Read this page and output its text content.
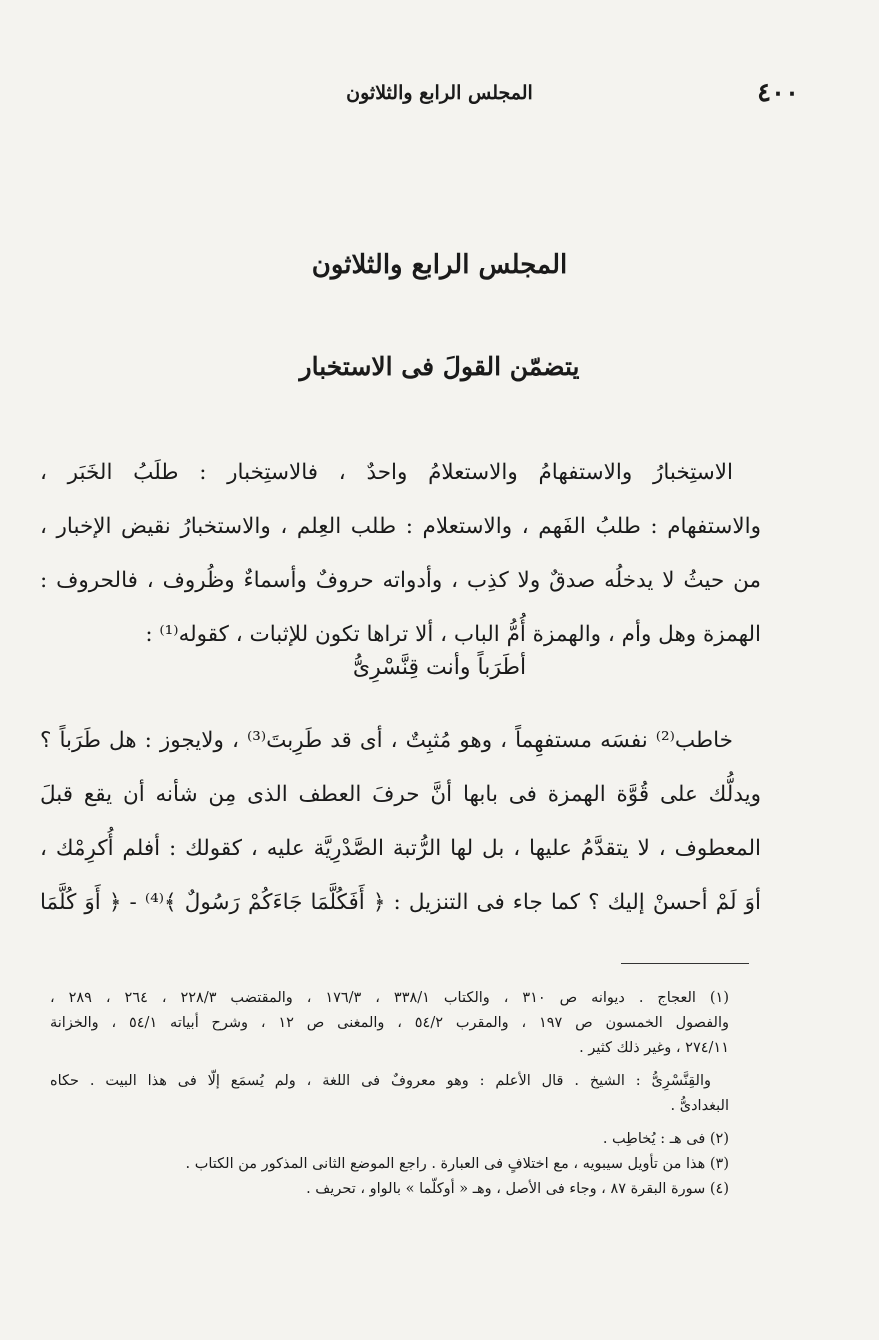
٤٠٠
المجلس الرابع والثلاثون
المجلس الرابع والثلاثون
يتضمّن القولَ فى الاستخبار
الاستِخبارُ والاستفهامُ والاستعلامُ واحدٌ ، فالاستِخبار : طلَبُ الخَبَر ،
والاستفهام : طلبُ الفَهم ، والاستعلام : طلب العِلم ، والاستخبارُ نقيض الإخبار ،
من حيثُ لا يدخلُه صدقٌ ولا كذِب ، وأدواته حروفٌ وأسماءٌ وظُروف ، فالحروف :
الهمزة وهل وأم ، والهمزة أُمُّ الباب ، ألا تراها تكون للإثبات ، كقوله⁽¹⁾ :
أطَرَباً وأنت قِنَّسْرِىُّ
خاطب⁽²⁾ نفسَه مستفهِماً ، وهو مُثبِتٌ ، أى قد طَرِبتَ⁽³⁾ ، ولايجوز : هل طَرَباً ؟
ويدلُّك على قُوَّة الهمزة فى بابها أنَّ حرفَ العطف الذى مِن شأنه أن يقع قبلَ
المعطوف ، لا يتقدَّمُ عليها ، بل لها الرُّتبة الصَّدْرِيَّة عليه ، كقولك : أفلم أُكرِمْك ،
أوَ لَمْ أحسنْ إليك ؟ كما جاء فى التنزيل : ﴿ أَفَكُلَّمَا جَاءَكُمْ رَسُولٌ ﴾⁽⁴⁾ - ﴿ أَوَ كُلَّمَا
(١) العجاج . ديوانه ص ٣١٠ ، والكتاب ٣٣٨/١ ، ١٧٦/٣ ، والمقتضب ٢٢٨/٣ ، ٢٦٤ ، ٢٨٩ ،
والفصول الخمسون ص ١٩٧ ، والمقرب ٥٤/٢ ، والمغنى ص ١٢ ، وشرح أبياته ٥٤/١ ، والخزانة
٢٧٤/١١ ، وغير ذلك كثير .
والقِنَّسْرِىُّ : الشيخ . قال الأعلم : وهو معروفٌ فى اللغة ، ولم يُسمَع إلّا فى هذا البيت . حكاه
البغدادىُّ .
(٢) فى هـ : يُخاطِب .
(٣) هذا من تأويل سيبويه ، مع اختلافٍ فى العبارة . راجع الموضع الثانى المذكور من الكتاب .
(٤) سورة البقرة ٨٧ ، وجاء فى الأصل ، وهـ « أوكلّما » بالواو ، تحريف .
